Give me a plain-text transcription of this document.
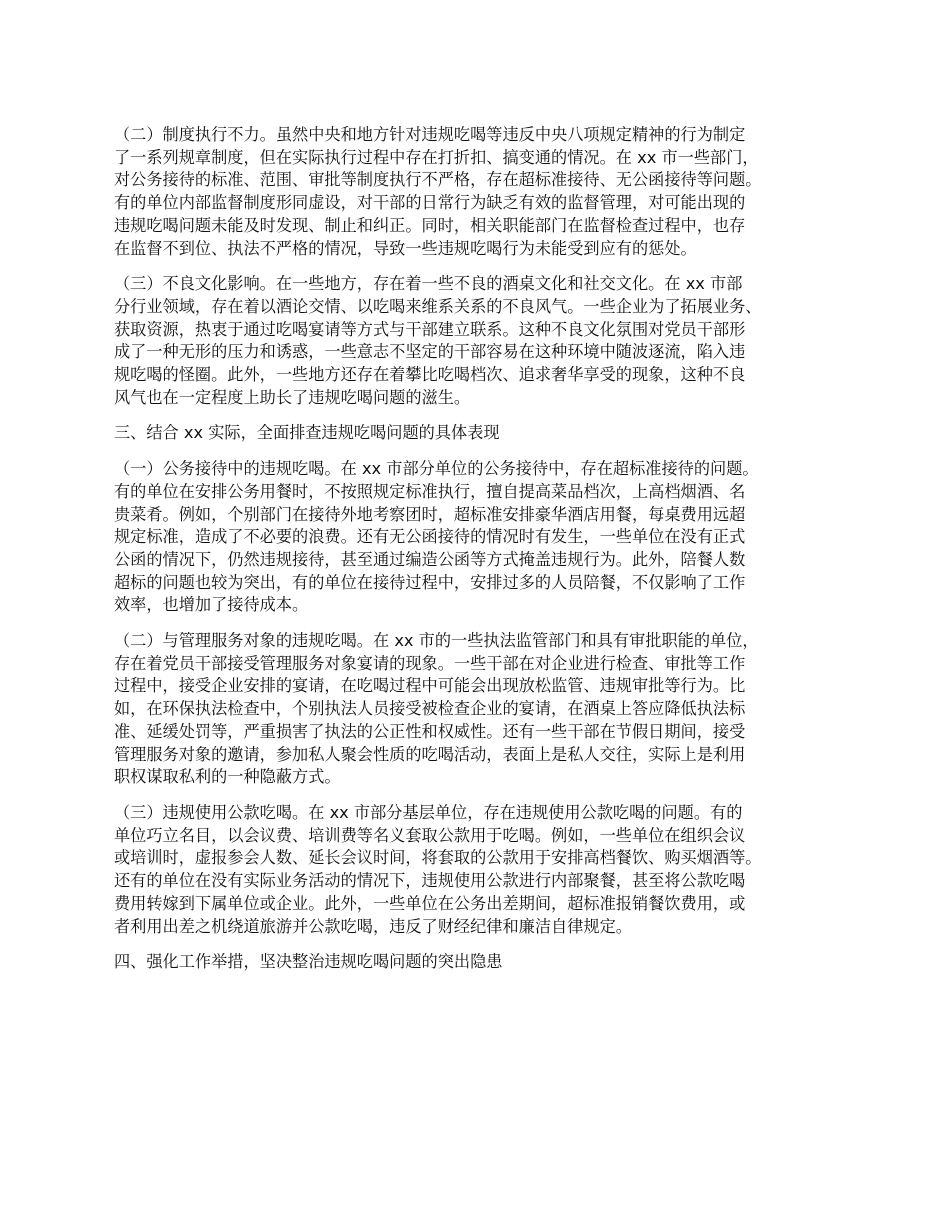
（二）制度执行不力。虽然中央和地方针对违规吃喝等违反中央八项规定精神的行为制定
了一系列规章制度，但在实际执行过程中存在打折扣、搞变通的情况。在 xx 市一些部门，
对公务接待的标准、范围、审批等制度执行不严格，存在超标准接待、无公函接待等问题。
有的单位内部监督制度形同虚设，对干部的日常行为缺乏有效的监督管理，对可能出现的
违规吃喝问题未能及时发现、制止和纠正。同时，相关职能部门在监督检查过程中，也存
在监督不到位、执法不严格的情况，导致一些违规吃喝行为未能受到应有的惩处。

（三）不良文化影响。在一些地方，存在着一些不良的酒桌文化和社交文化。在 xx 市部
分行业领域，存在着以酒论交情、以吃喝来维系关系的不良风气。一些企业为了拓展业务、
获取资源，热衷于通过吃喝宴请等方式与干部建立联系。这种不良文化氛围对党员干部形
成了一种无形的压力和诱惑，一些意志不坚定的干部容易在这种环境中随波逐流，陷入违
规吃喝的怪圈。此外，一些地方还存在着攀比吃喝档次、追求奢华享受的现象，这种不良
风气也在一定程度上助长了违规吃喝问题的滋生。

三、结合 xx 实际，全面排查违规吃喝问题的具体表现

（一）公务接待中的违规吃喝。在 xx 市部分单位的公务接待中，存在超标准接待的问题。
有的单位在安排公务用餐时，不按照规定标准执行，擅自提高菜品档次，上高档烟酒、名
贵菜肴。例如，个别部门在接待外地考察团时，超标准安排豪华酒店用餐，每桌费用远超
规定标准，造成了不必要的浪费。还有无公函接待的情况时有发生，一些单位在没有正式
公函的情况下，仍然违规接待，甚至通过编造公函等方式掩盖违规行为。此外，陪餐人数
超标的问题也较为突出，有的单位在接待过程中，安排过多的人员陪餐，不仅影响了工作
效率，也增加了接待成本。

（二）与管理服务对象的违规吃喝。在 xx 市的一些执法监管部门和具有审批职能的单位，
存在着党员干部接受管理服务对象宴请的现象。一些干部在对企业进行检查、审批等工作
过程中，接受企业安排的宴请，在吃喝过程中可能会出现放松监管、违规审批等行为。比
如，在环保执法检查中，个别执法人员接受被检查企业的宴请，在酒桌上答应降低执法标
准、延缓处罚等，严重损害了执法的公正性和权威性。还有一些干部在节假日期间，接受
管理服务对象的邀请，参加私人聚会性质的吃喝活动，表面上是私人交往，实际上是利用
职权谋取私利的一种隐蔽方式。

（三）违规使用公款吃喝。在 xx 市部分基层单位，存在违规使用公款吃喝的问题。有的
单位巧立名目，以会议费、培训费等名义套取公款用于吃喝。例如，一些单位在组织会议
或培训时，虚报参会人数、延长会议时间，将套取的公款用于安排高档餐饮、购买烟酒等。
还有的单位在没有实际业务活动的情况下，违规使用公款进行内部聚餐，甚至将公款吃喝
费用转嫁到下属单位或企业。此外，一些单位在公务出差期间，超标准报销餐饮费用，或
者利用出差之机绕道旅游并公款吃喝，违反了财经纪律和廉洁自律规定。

四、强化工作举措，坚决整治违规吃喝问题的突出隐患
